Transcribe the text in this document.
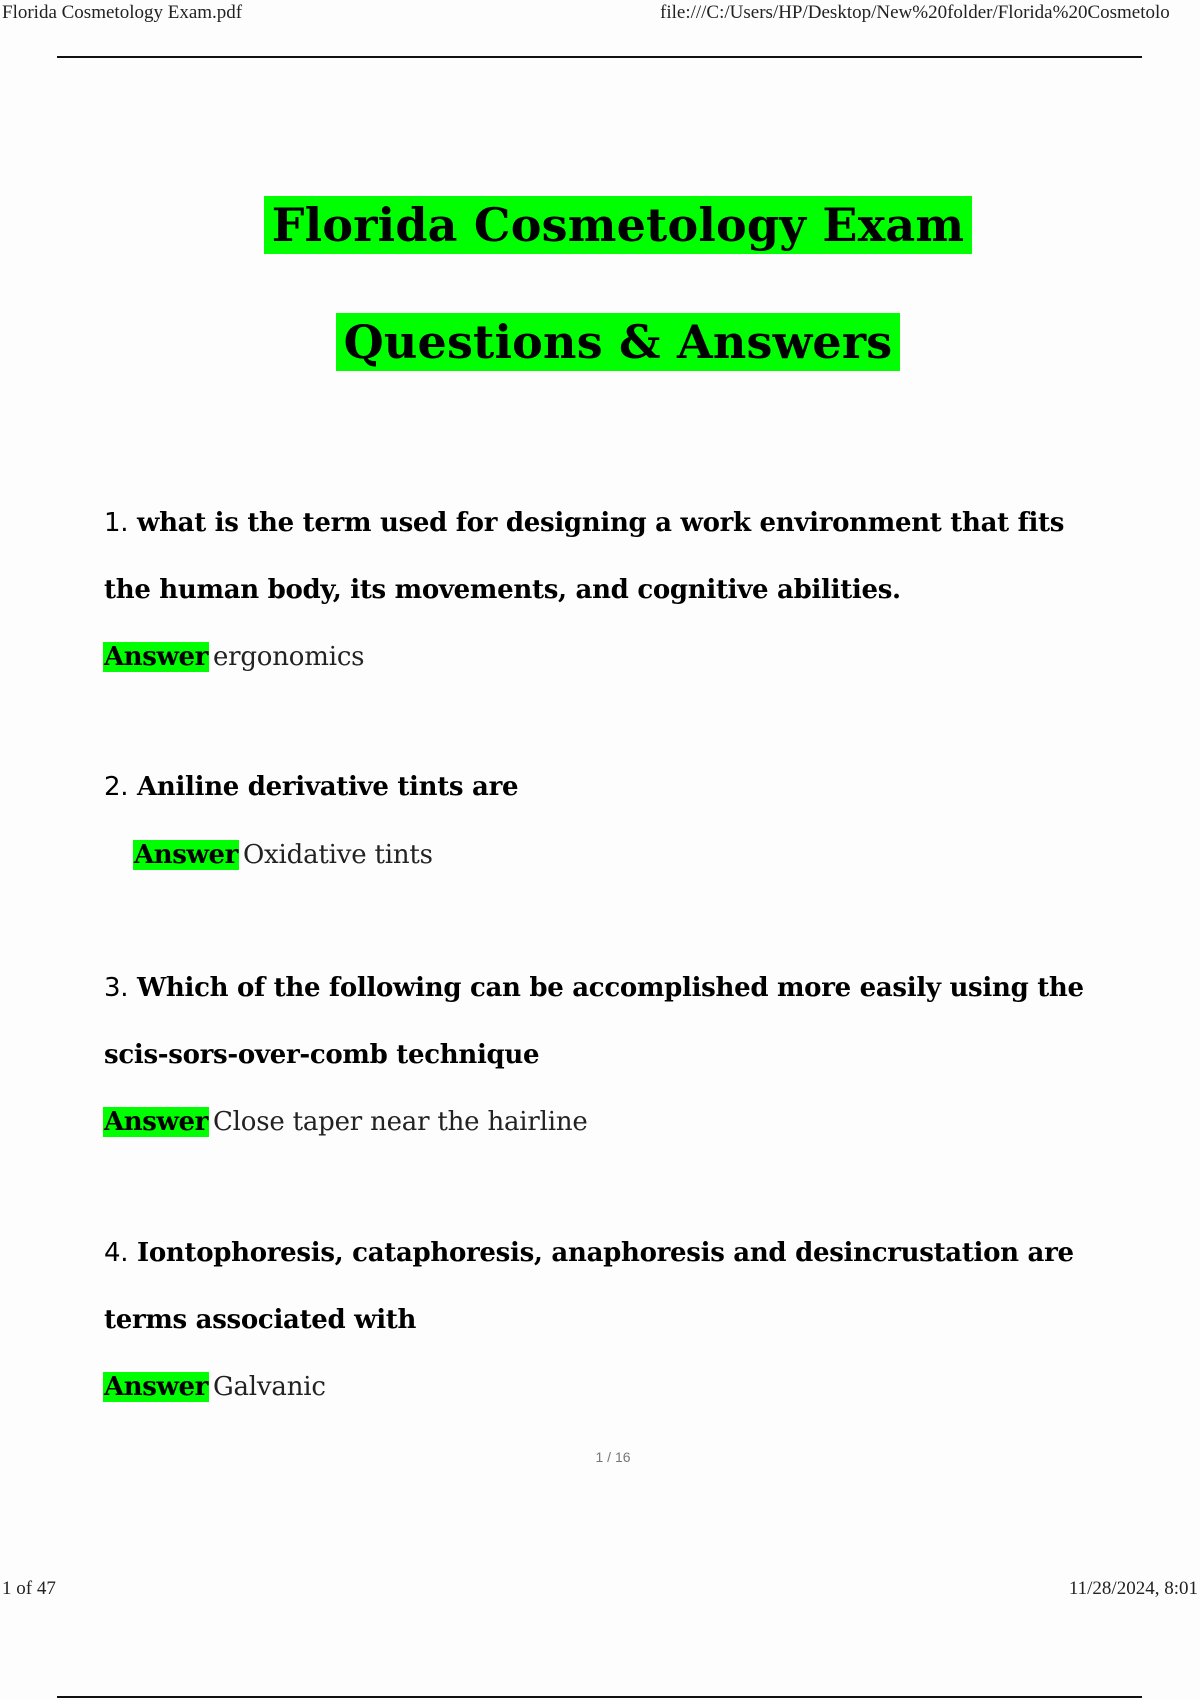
Florida Cosmetology Exam.pdf	file:///C:/Users/HP/Desktop/New%20folder/Florida%20Cosmetolo
Florida Cosmetology Exam
Questions & Answers
1. what is the term used for designing a work environment that fits the human body, its movements, and cognitive abilities.
Answer ergonomics
2. Aniline derivative tints are
Answer Oxidative tints
3. Which of the following can be accomplished more easily using the scis-sors-over-comb technique
Answer Close taper near the hairline
4. Iontophoresis, cataphoresis, anaphoresis and desincrustation are terms associated with
Answer Galvanic
1 / 16
1 of 47	11/28/2024, 8:01
